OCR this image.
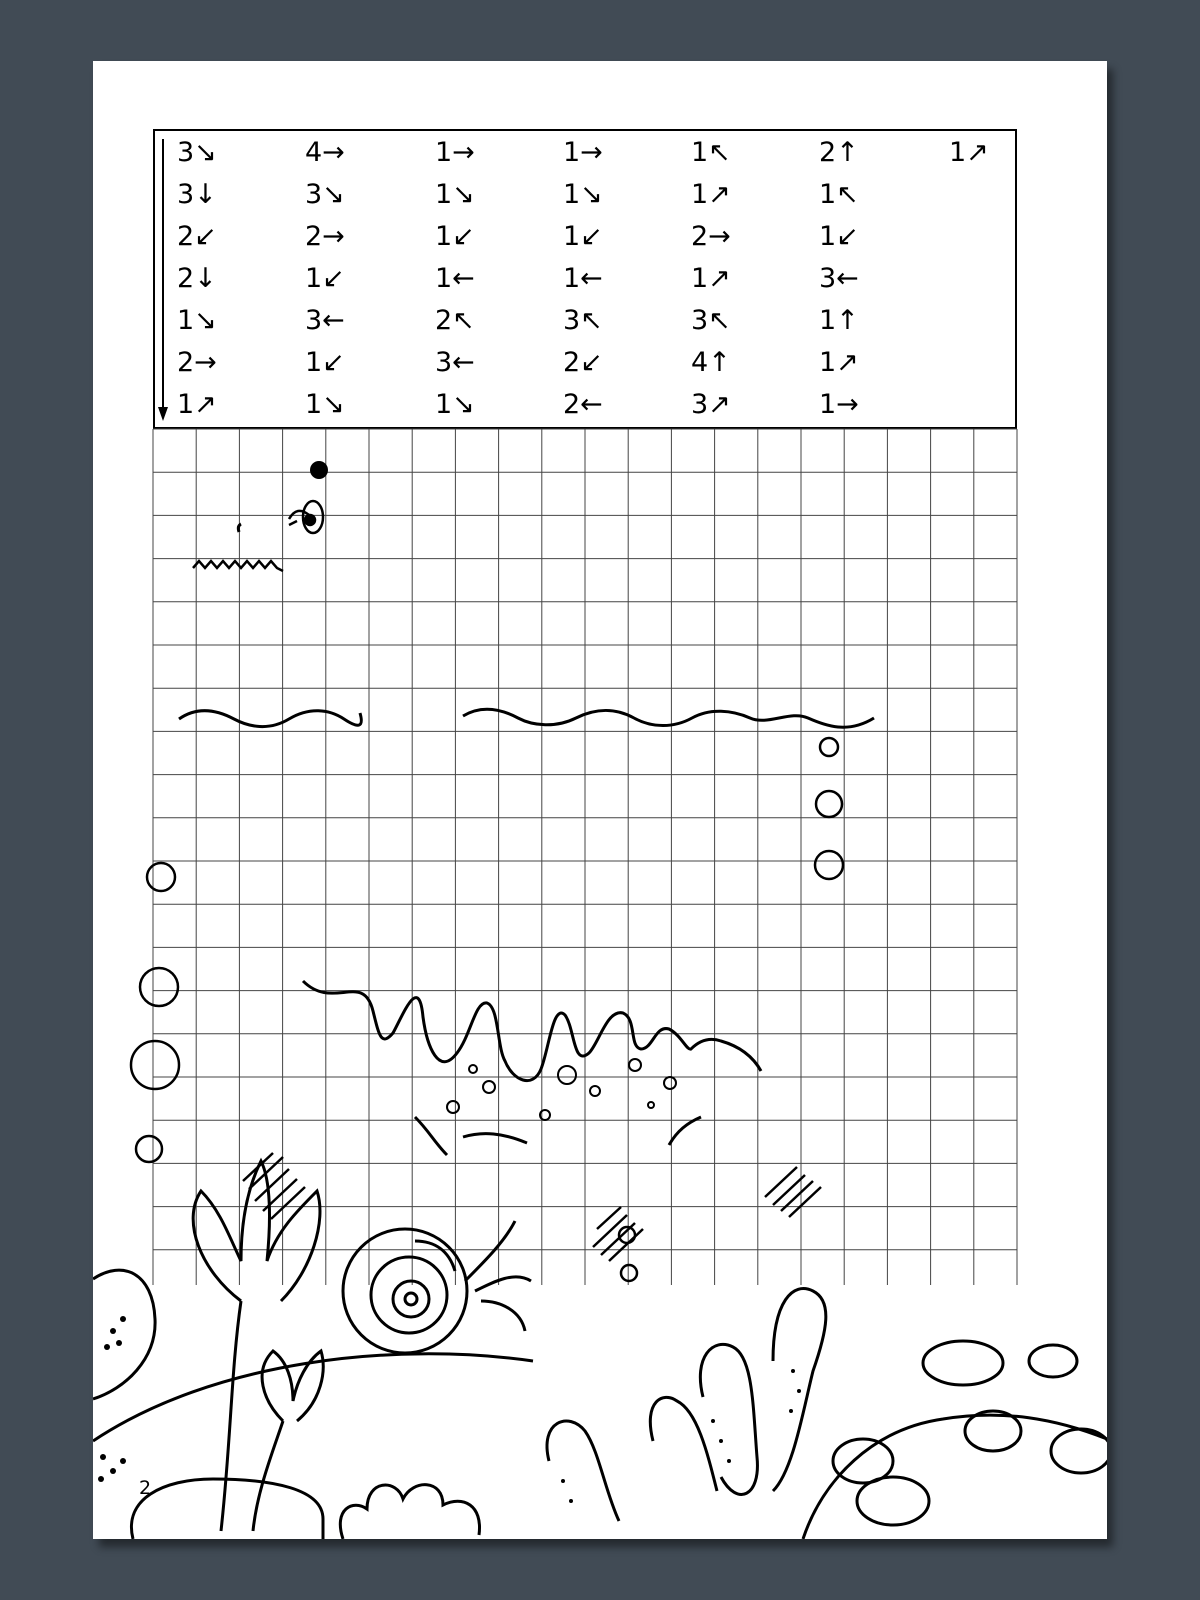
3↘
3↓
2↙
2↓
1↘
2→
1↗
4→
3↘
2→
1↙
3←
1↙
1↘
1→
1↘
1↙
1←
2↖
3←
1↘
1→
1↘
1↙
1←
3↖
2↙
2←
1↖
1↗
2→
1↗
3↖
4↑
3↗
2↑
1↖
1↙
3←
1↑
1↗
1→
1↗
2
